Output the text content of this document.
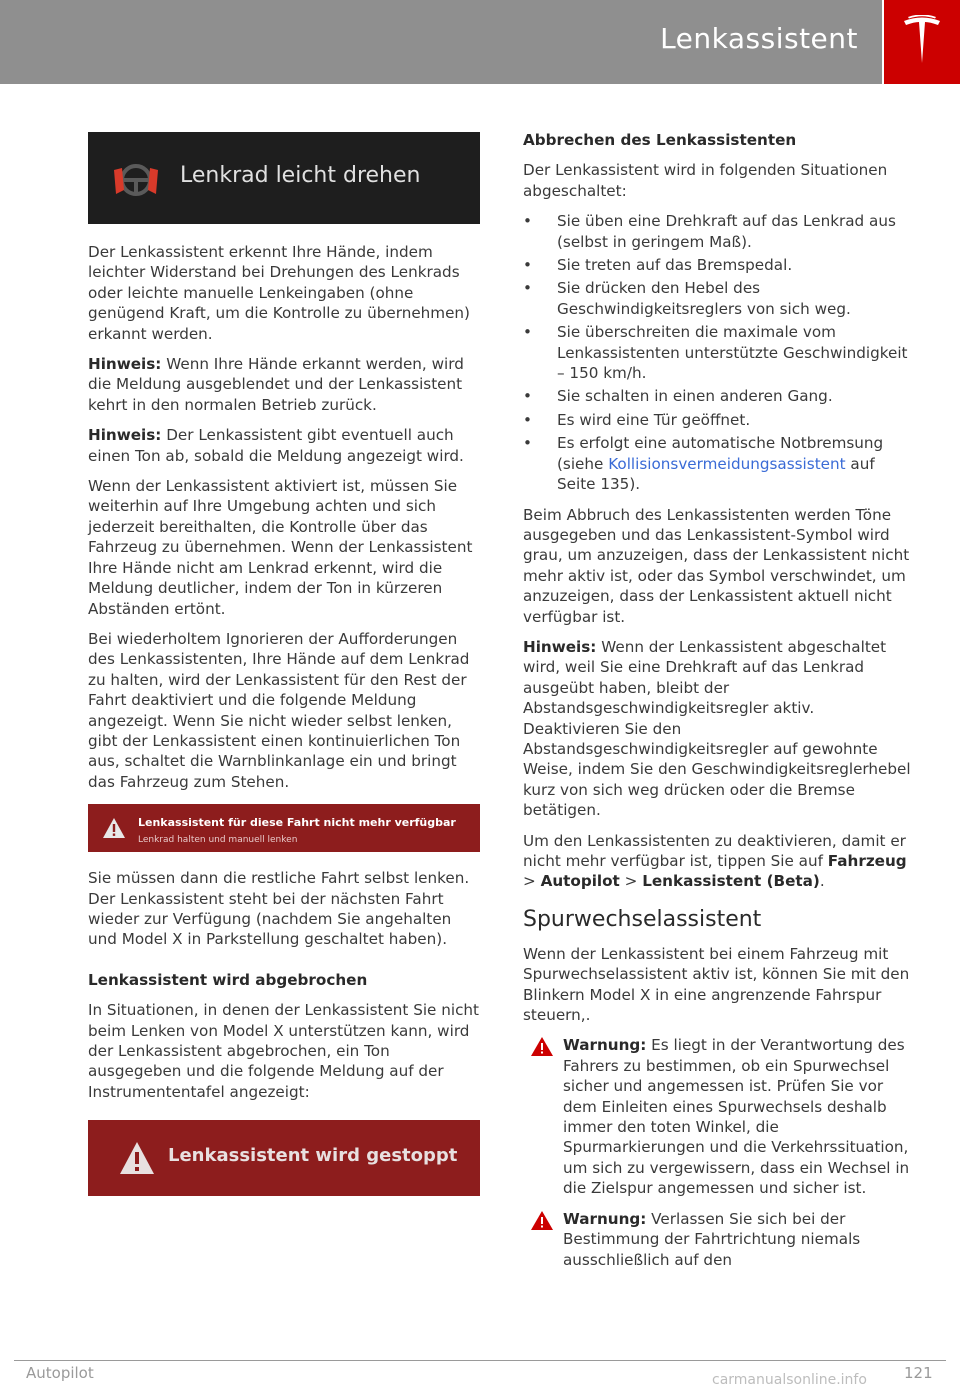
Lenkassistent
Lenkrad leicht drehen

Der Lenkassistent erkennt Ihre Hände, indem leichter Widerstand bei Drehungen des Lenkrads oder leichte manuelle Lenkeingaben (ohne genügend Kraft, um die Kontrolle zu übernehmen) erkannt werden.

Hinweis: Wenn Ihre Hände erkannt werden, wird die Meldung ausgeblendet und der Lenkassistent kehrt in den normalen Betrieb zurück.

Hinweis: Der Lenkassistent gibt eventuell auch einen Ton ab, sobald die Meldung angezeigt wird.

Wenn der Lenkassistent aktiviert ist, müssen Sie weiterhin auf Ihre Umgebung achten und sich jederzeit bereithalten, die Kontrolle über das Fahrzeug zu übernehmen. Wenn der Lenkassistent Ihre Hände nicht am Lenkrad erkennt, wird die Meldung deutlicher, indem der Ton in kürzeren Abständen ertönt.

Bei wiederholtem Ignorieren der Aufforderungen des Lenkassistenten, Ihre Hände auf dem Lenkrad zu halten, wird der Lenkassistent für den Rest der Fahrt deaktiviert und die folgende Meldung angezeigt. Wenn Sie nicht wieder selbst lenken, gibt der Lenkassistent einen kontinuierlichen Ton aus, schaltet die Warnblinkanlage ein und bringt das Fahrzeug zum Stehen.

Lenkassistent für diese Fahrt nicht mehr verfügbar
Lenkrad halten und manuell lenken

Sie müssen dann die restliche Fahrt selbst lenken. Der Lenkassistent steht bei der nächsten Fahrt wieder zur Verfügung (nachdem Sie angehalten und Model X in Parkstellung geschaltet haben).

Lenkassistent wird abgebrochen

In Situationen, in denen der Lenkassistent Sie nicht beim Lenken von Model X unterstützen kann, wird der Lenkassistent abgebrochen, ein Ton ausgegeben und die folgende Meldung auf der Instrumententafel angezeigt:

Lenkassistent wird gestoppt
Abbrechen des Lenkassistenten

Der Lenkassistent wird in folgenden Situationen abgeschaltet:

• Sie üben eine Drehkraft auf das Lenkrad aus (selbst in geringem Maß).
• Sie treten auf das Bremspedal.
• Sie drücken den Hebel des Geschwindigkeitsreglers von sich weg.
• Sie überschreiten die maximale vom Lenkassistenten unterstützte Geschwindigkeit – 150 km/h.
• Sie schalten in einen anderen Gang.
• Es wird eine Tür geöffnet.
• Es erfolgt eine automatische Notbremsung (siehe Kollisionsvermeidungsassistent auf Seite 135).

Beim Abbruch des Lenkassistenten werden Töne ausgegeben und das Lenkassistent-Symbol wird grau, um anzuzeigen, dass der Lenkassistent nicht mehr aktiv ist, oder das Symbol verschwindet, um anzuzeigen, dass der Lenkassistent aktuell nicht verfügbar ist.

Hinweis: Wenn der Lenkassistent abgeschaltet wird, weil Sie eine Drehkraft auf das Lenkrad ausgeübt haben, bleibt der Abstandsgeschwindigkeitsregler aktiv. Deaktivieren Sie den Abstandsgeschwindigkeitsregler auf gewohnte Weise, indem Sie den Geschwindigkeitsreglerhebel kurz von sich weg drücken oder die Bremse betätigen.

Um den Lenkassistenten zu deaktivieren, damit er nicht mehr verfügbar ist, tippen Sie auf Fahrzeug > Autopilot > Lenkassistent (Beta).

Spurwechselassistent

Wenn der Lenkassistent bei einem Fahrzeug mit Spurwechselassistent aktiv ist, können Sie mit den Blinkern Model X in eine angrenzende Fahrspur steuern,.

Warnung: Es liegt in der Verantwortung des Fahrers zu bestimmen, ob ein Spurwechsel sicher und angemessen ist. Prüfen Sie vor dem Einleiten eines Spurwechsels deshalb immer den toten Winkel, die Spurmarkierungen und die Verkehrssituation, um sich zu vergewissern, dass ein Wechsel in die Zielspur angemessen und sicher ist.
Warnung: Verlassen Sie sich bei der Bestimmung der Fahrtrichtung niemals ausschließlich auf den
Autopilot	121
carmanualsonline.info
